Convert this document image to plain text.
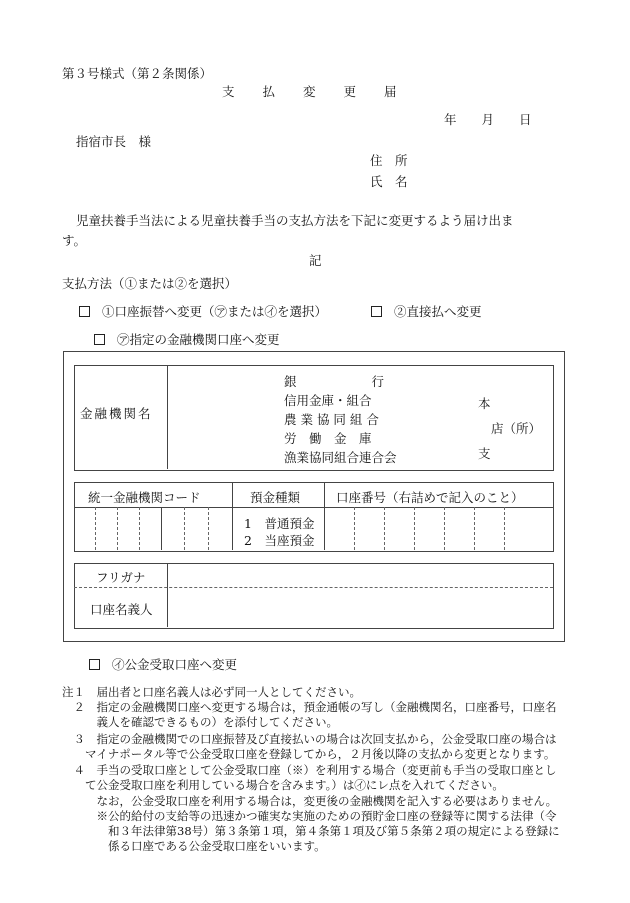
第３号様式（第２条関係）
支　　払　　変　　更　　届
年　　月　　日
指宿市長　様
住　所
氏　名
児童扶養手当法による児童扶養手当の支払方法を下記に変更するよう届け出ま
す。
記
支払方法（①または②を選択）
①口座振替へ変更（㋐または㋑を選択）	②直接払へ変更
㋐指定の金融機関口座へ変更
金融機関名
銀　　　　　　行
信用金庫・組合
農 業 協 同 組 合
労　働　金　庫
漁業協同組合連合会
本
店（所）
支
統一金融機関コード	預金種類	口座番号（右詰めで記入のこと）
1　普通預金
2　当座預金
フリガナ
口座名義人
㋑公金受取口座へ変更
注１　届出者と口座名義人は必ず同一人としてください。
　２　指定の金融機関口座へ変更する場合は，預金通帳の写し（金融機関名，口座番号，口座名
　　　義人を確認できるもの）を添付してください。
　３　指定の金融機関での口座振替及び直接払いの場合は次回支払から，公金受取口座の場合は
　　マイナポータル等で公金受取口座を登録してから，２月後以降の支払から変更となります。
　４　手当の受取口座として公金受取口座（※）を利用する場合（変更前も手当の受取口座とし
　　て公金受取口座を利用している場合を含みます。）は㋑にレ点を入れてください。
　　　なお，公金受取口座を利用する場合は，変更後の金融機関を記入する必要はありません。
　　　※公的給付の支給等の迅速かつ確実な実施のための預貯金口座の登録等に関する法律（令
　　　　和３年法律第38号）第３条第１項，第４条第１項及び第５条第２項の規定による登録に
　　　　係る口座である公金受取口座をいいます。
